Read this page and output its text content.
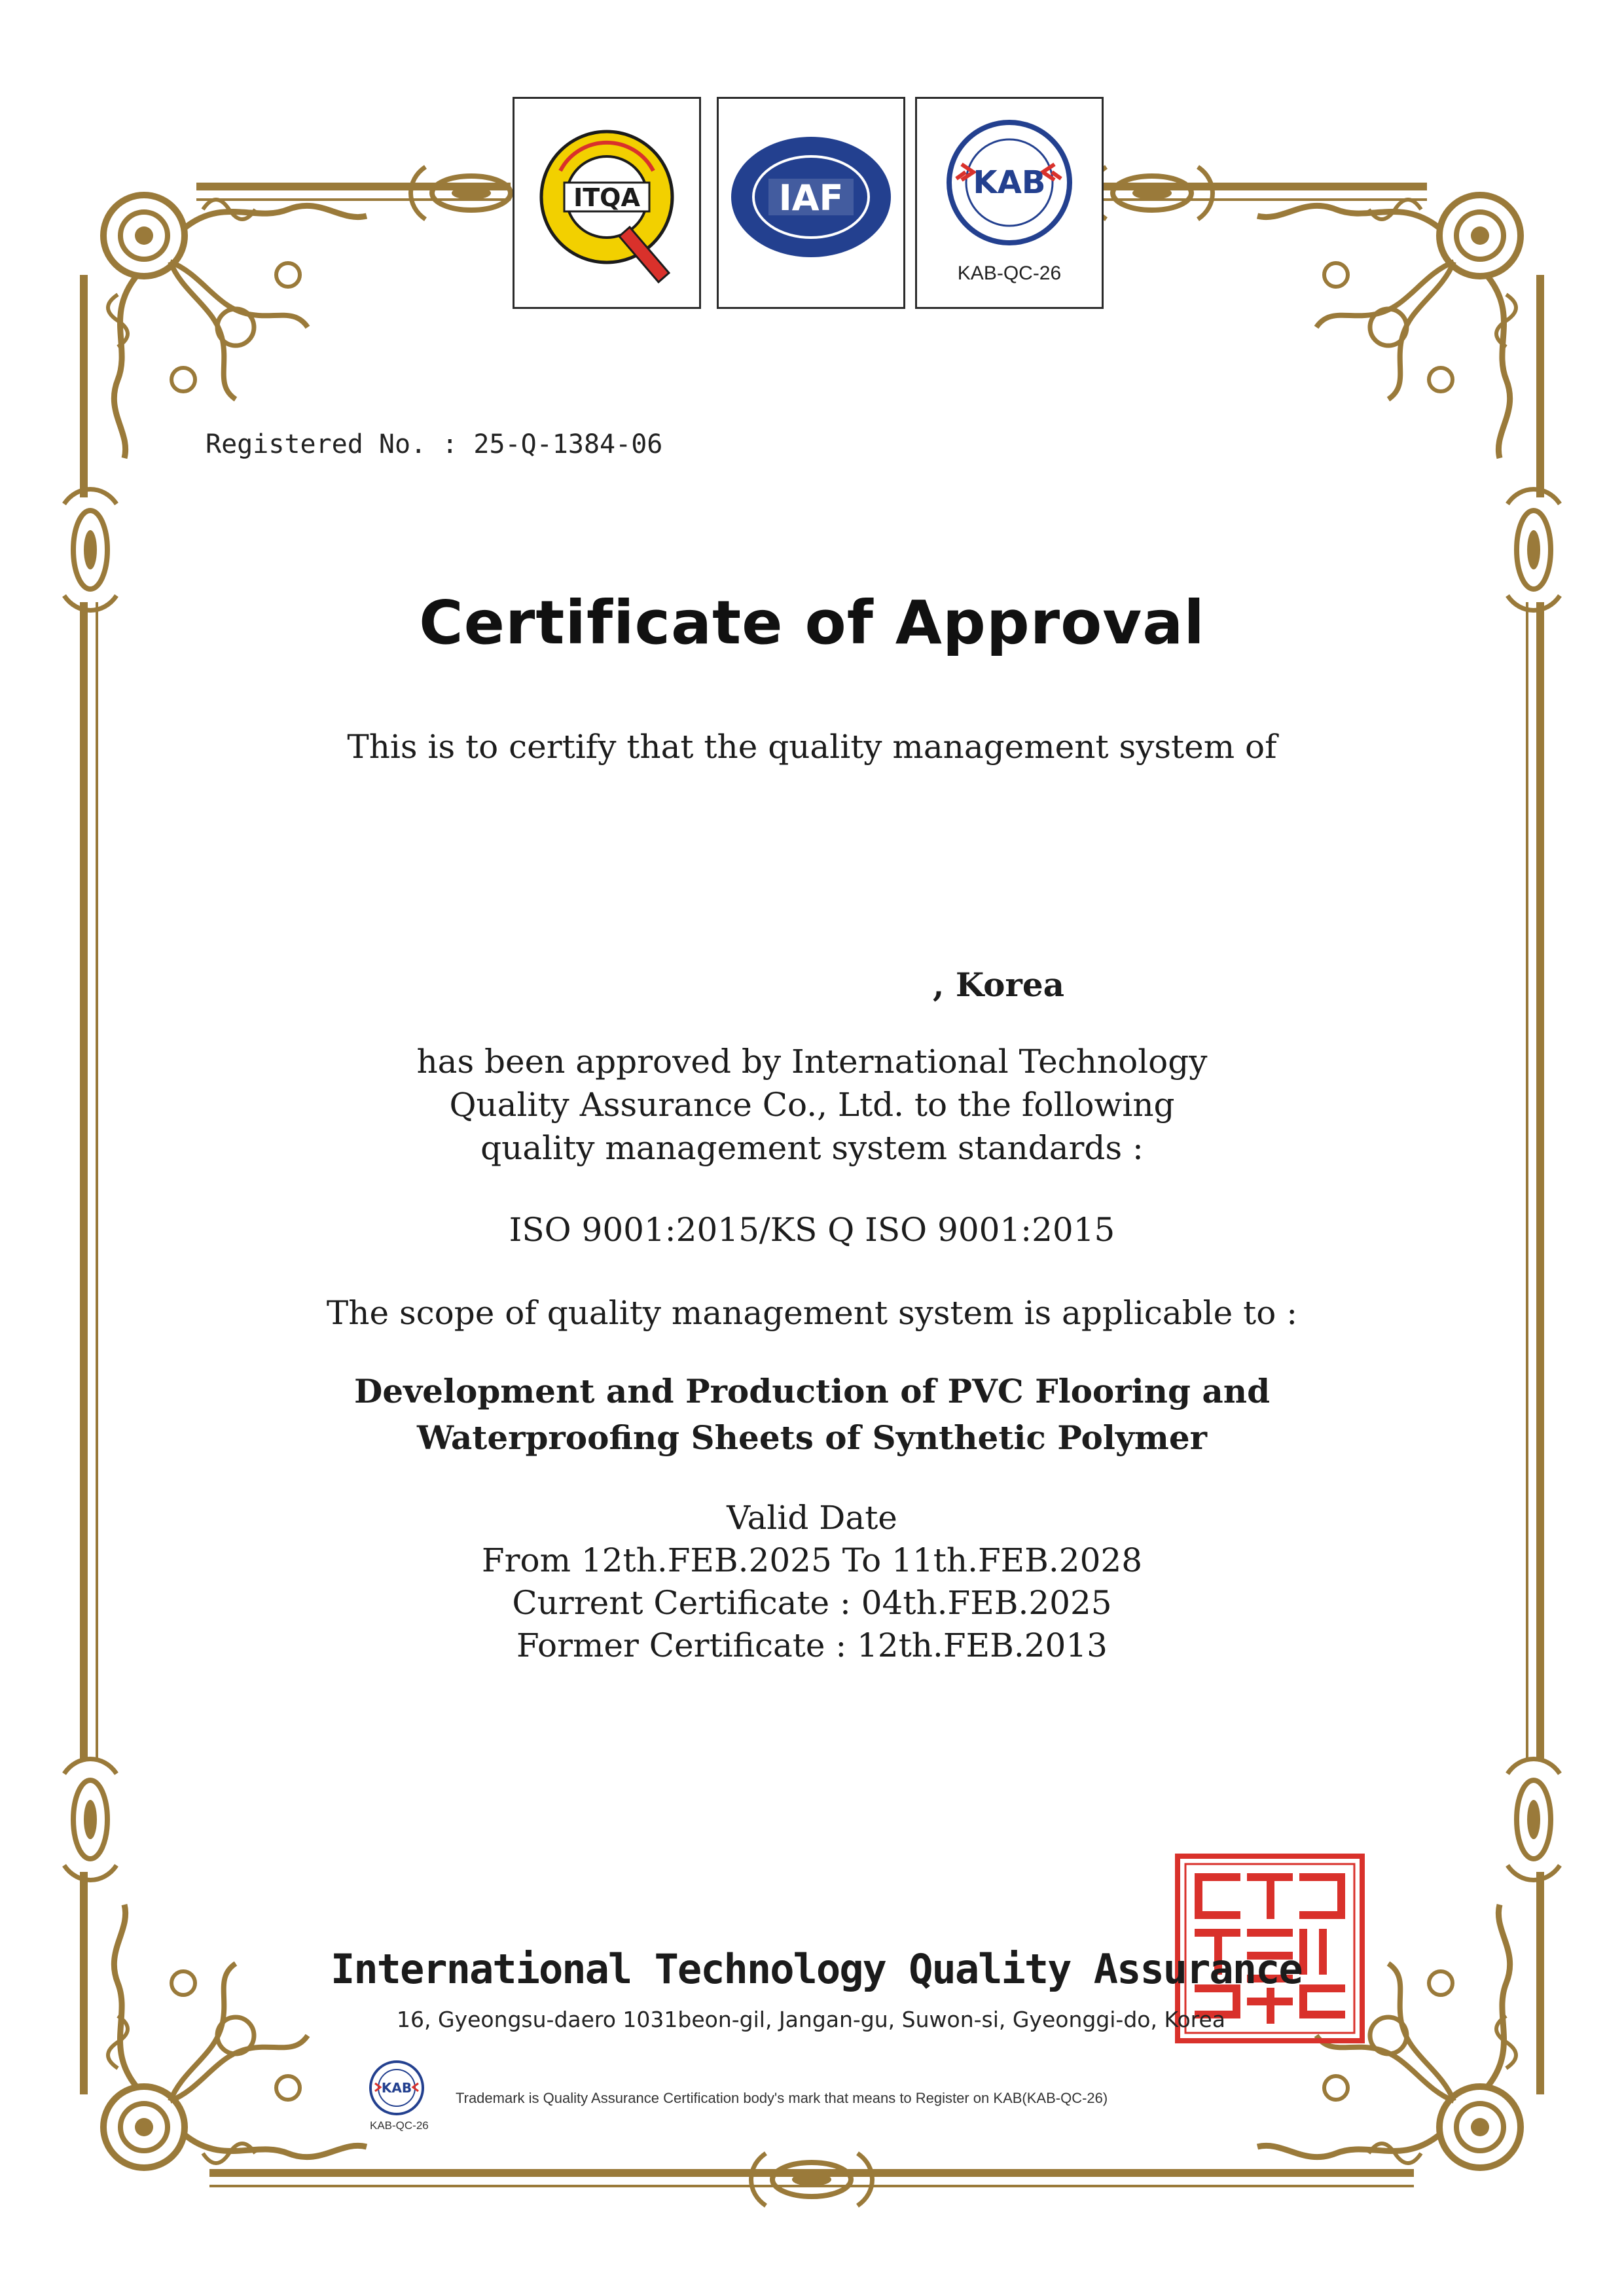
ITQA	IAF	KAB
KAB-QC-26
Registered No. : 25-Q-1384-06
Certificate of Approval
This is to certify that the quality management system of
, Korea
has been approved by International Technology
Quality Assurance Co., Ltd. to the following
quality management system standards :
ISO 9001:2015/KS Q ISO 9001:2015
The scope of quality management system is applicable to :
Development and Production of PVC Flooring and
Waterproofing Sheets of Synthetic Polymer
Valid Date
From 12th.FEB.2025 To 11th.FEB.2028
Current Certificate : 04th.FEB.2025
Former Certificate : 12th.FEB.2013
International Technology Quality Assurance
16, Gyeongsu-daero 1031beon-gil, Jangan-gu, Suwon-si, Gyeonggi-do, Korea
KAB
KAB-QC-26
Trademark is Quality Assurance Certification body's mark that means to Register on KAB(KAB-QC-26)
